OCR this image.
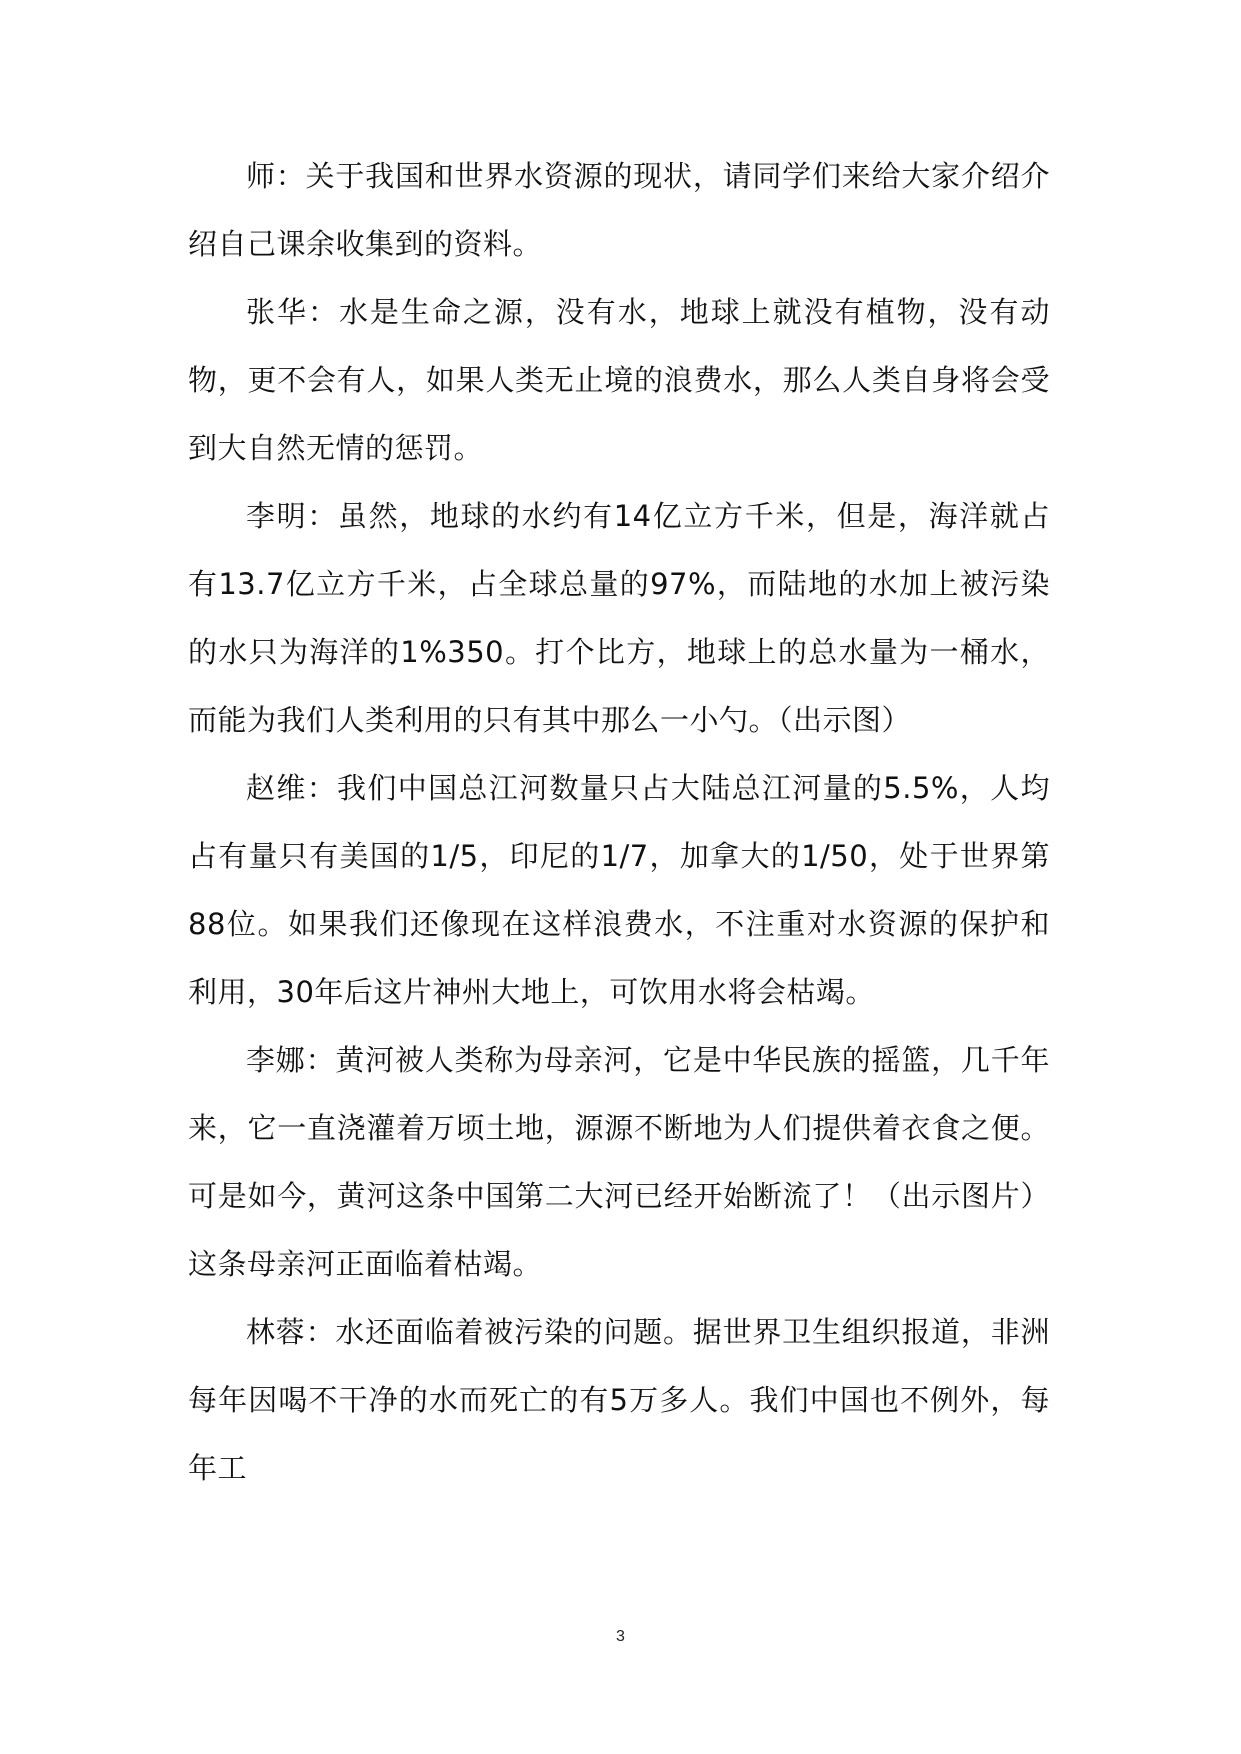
师：关于我国和世界水资源的现状，请同学们来给大家介绍介绍自己课余收集到的资料。

张华：水是生命之源，没有水，地球上就没有植物，没有动物，更不会有人，如果人类无止境的浪费水，那么人类自身将会受到大自然无情的惩罚。

李明：虽然，地球的水约有14亿立方千米，但是，海洋就占有13.7亿立方千米，占全球总量的97%，而陆地的水加上被污染的水只为海洋的1%350。打个比方，地球上的总水量为一桶水，而能为我们人类利用的只有其中那么一小勺。（出示图）

赵维：我们中国总江河数量只占大陆总江河量的5.5%，人均占有量只有美国的1/5，印尼的1/7，加拿大的1/50，处于世界第88位。如果我们还像现在这样浪费水，不注重对水资源的保护和利用，30年后这片神州大地上，可饮用水将会枯竭。

李娜：黄河被人类称为母亲河，它是中华民族的摇篮，几千年来，它一直浇灌着万顷土地，源源不断地为人们提供着衣食之便。可是如今，黄河这条中国第二大河已经开始断流了！（出示图片）这条母亲河正面临着枯竭。

林蓉：水还面临着被污染的问题。据世界卫生组织报道，非洲每年因喝不干净的水而死亡的有5万多人。我们中国也不例外，每年工

3
